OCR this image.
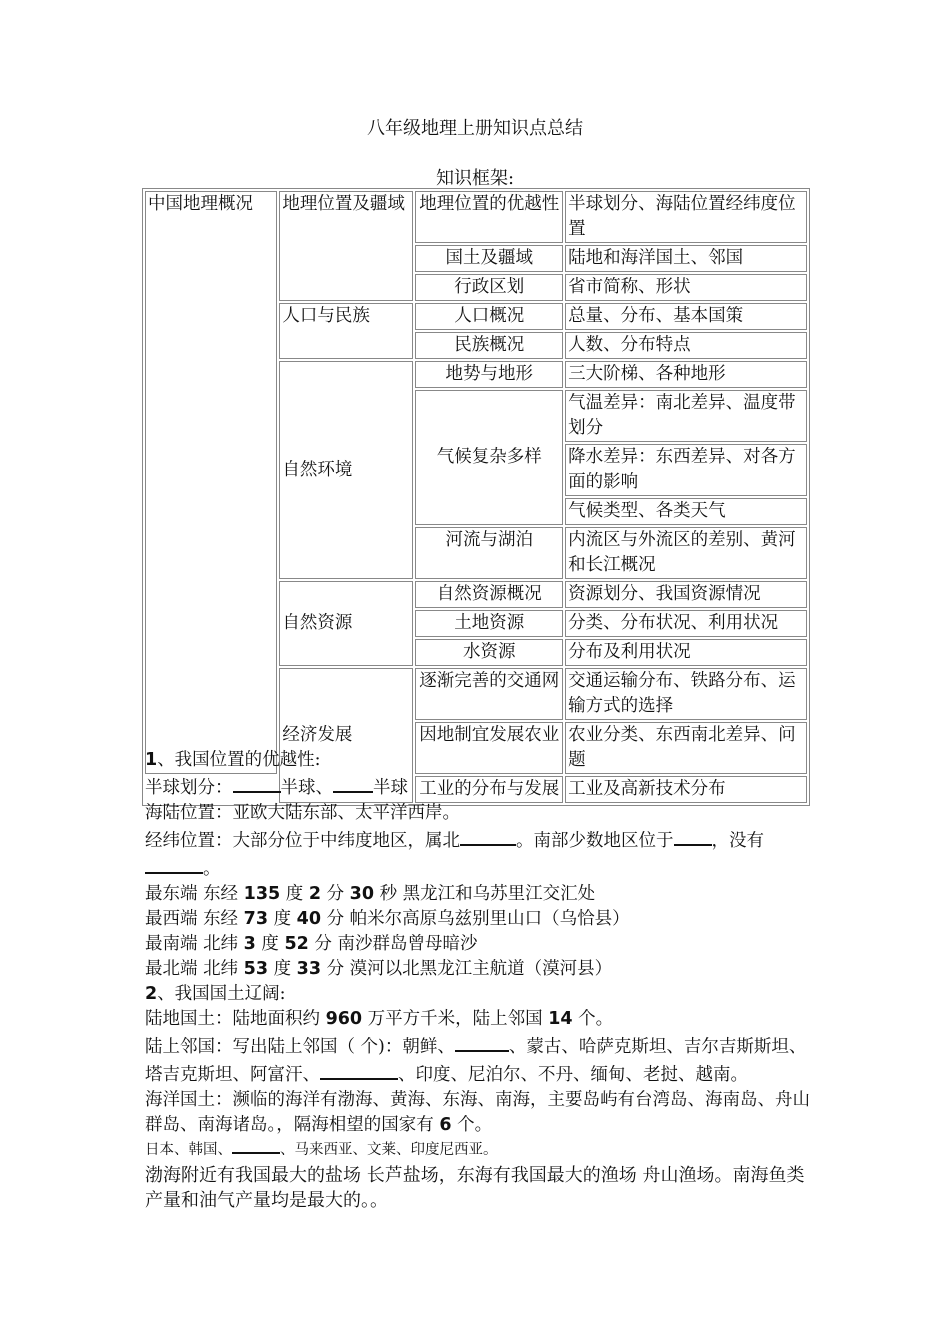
八年级地理上册知识点总结
知识框架:
中国地理概况	地理位置及疆域	地理位置的优越性	半球划分、海陆位置经纬度位置
		国土及疆域	陆地和海洋国土、邻国
		行政区划	省市简称、形状
	人口与民族	人口概况	总量、分布、基本国策
		民族概况	人数、分布特点
	自然环境	地势与地形	三大阶梯、各种地形
		气候复杂多样	气温差异：南北差异、温度带划分
			降水差异：东西差异、对各方面的影响
			气候类型、各类天气
		河流与湖泊	内流区与外流区的差别、黄河和长江概况
	自然资源	自然资源概况	资源划分、我国资源情况
		土地资源	分类、分布状况、利用状况
		水资源	分布及利用状况
	经济发展	逐渐完善的交通网	交通运输分布、铁路分布、运输方式的选择
		因地制宜发展农业	农业分类、东西南北差异、问题
		工业的分布与发展	工业及高新技术分布

1、我国位置的优越性:

半球划分：	半球、 半球

海陆位置：亚欧大陆东部、太平洋西岸。

经纬位置：大部分位于中纬度地区，属北	。南部少数地区位于 ，没有。

最东端 东经 135 度 2 分 30 秒 黑龙江和乌苏里江交汇处

最西端 东经 73 度 40 分 帕米尔高原乌兹别里山口（乌恰县）

最南端 北纬 3 度 52 分 南沙群岛曾母暗沙

最北端 北纬 53 度 33 分 漠河以北黑龙江主航道（漠河县）

2、我国国土辽阔:

陆地国土：陆地面积约 960 万平方千米，陆上邻国 14 个。

陆上邻国：写出陆上邻国（ 个)：朝鲜、	、蒙古、哈萨克斯坦、吉尔吉斯斯坦、塔吉克斯坦、阿富汗、	、印度、尼泊尔、不丹、缅甸、老挝、越南。

海洋国土：濒临的海洋有渤海、黄海、东海、南海，主要岛屿有台湾岛、海南岛、舟山群岛、南海诸岛。，隔海相望的国家有 6 个。

日本、韩国、	、马来西亚、文莱、印度尼西亚。

渤海附近有我国最大的盐场 长芦盐场，东海有我国最大的渔场 舟山渔场。南海鱼类产量和油气产量均是最大的。。
